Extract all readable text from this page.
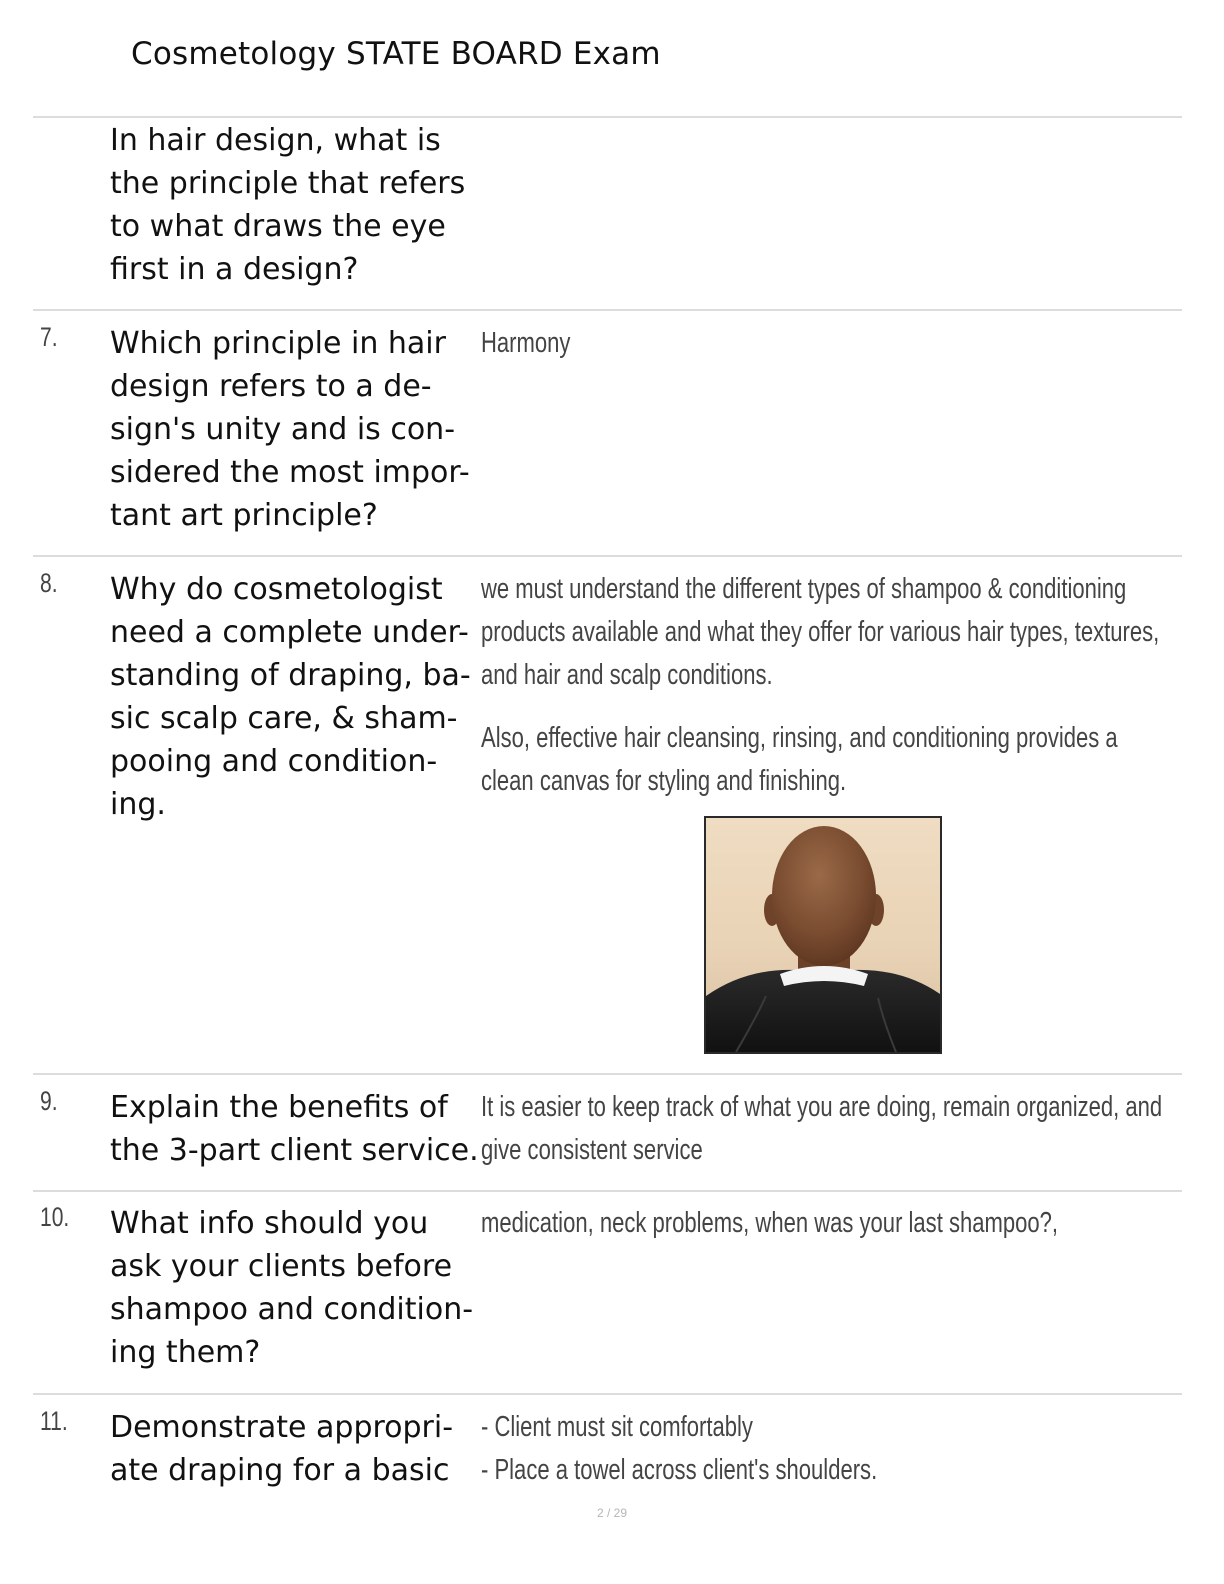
Cosmetology STATE BOARD Exam
In hair design, what is
the principle that refers
to what draws the eye
first in a design?
7. Which principle in hair
design refers to a de-
sign's unity and is con-
sidered the most impor-
tant art principle?
Harmony
8. Why do cosmetologist
need a complete under-
standing of draping, ba-
sic scalp care, & sham-
pooing and condition-
ing.
we must understand the different types of shampoo & conditioning
products available and what they offer for various hair types, textures,
and hair and scalp conditions.
Also, effective hair cleansing, rinsing, and conditioning provides a
clean canvas for styling and finishing.
9. Explain the benefits of
the 3-part client service.
It is easier to keep track of what you are doing, remain organized, and
give consistent service
10. What info should you
ask your clients before
shampoo and condition-
ing them?
medication, neck problems, when was your last shampoo?,
11. Demonstrate appropri-
ate draping for a basic
- Client must sit comfortably
- Place a towel across client's shoulders.
2 / 29
